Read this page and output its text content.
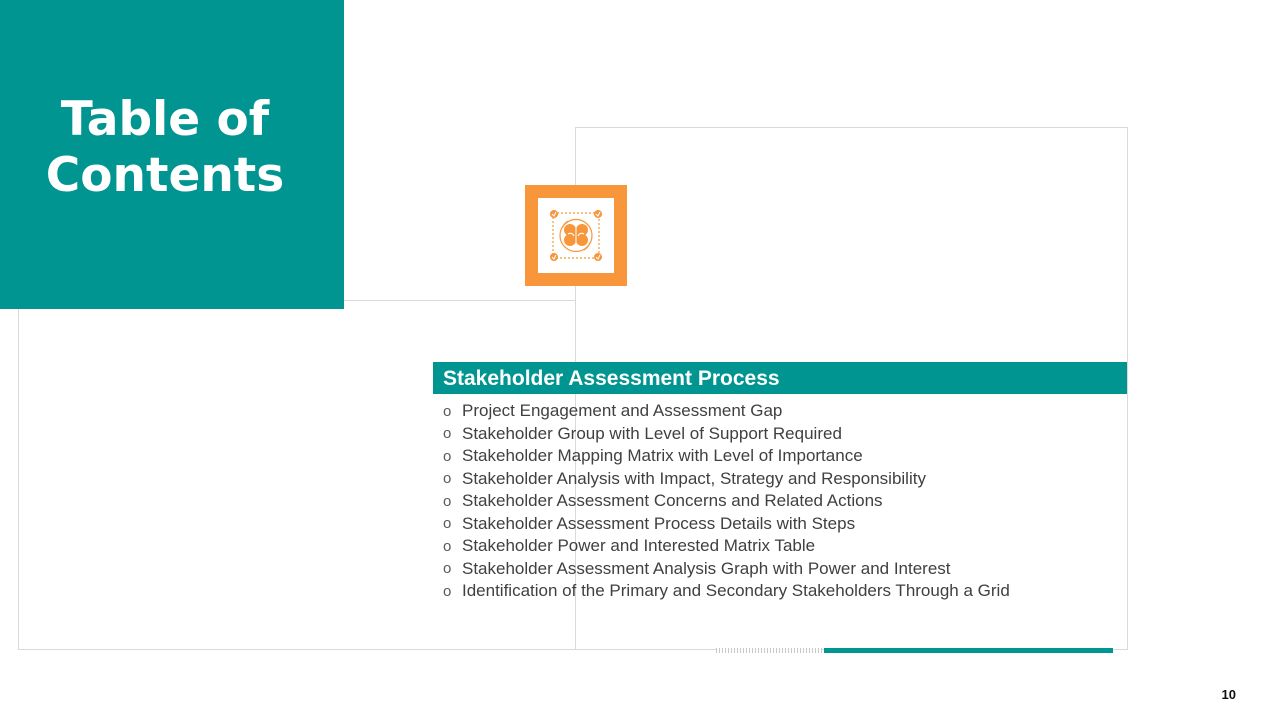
Table of
Contents
Stakeholder Assessment Process
o Project Engagement and Assessment Gap
o Stakeholder Group with Level of Support Required
o Stakeholder Mapping Matrix with Level of Importance
o Stakeholder Analysis with Impact, Strategy and Responsibility
o Stakeholder Assessment Concerns and Related Actions
o Stakeholder Assessment Process Details with Steps
o Stakeholder Power and Interested Matrix Table
o Stakeholder Assessment Analysis Graph with Power and Interest
o Identification of the Primary and Secondary Stakeholders Through a Grid
10
